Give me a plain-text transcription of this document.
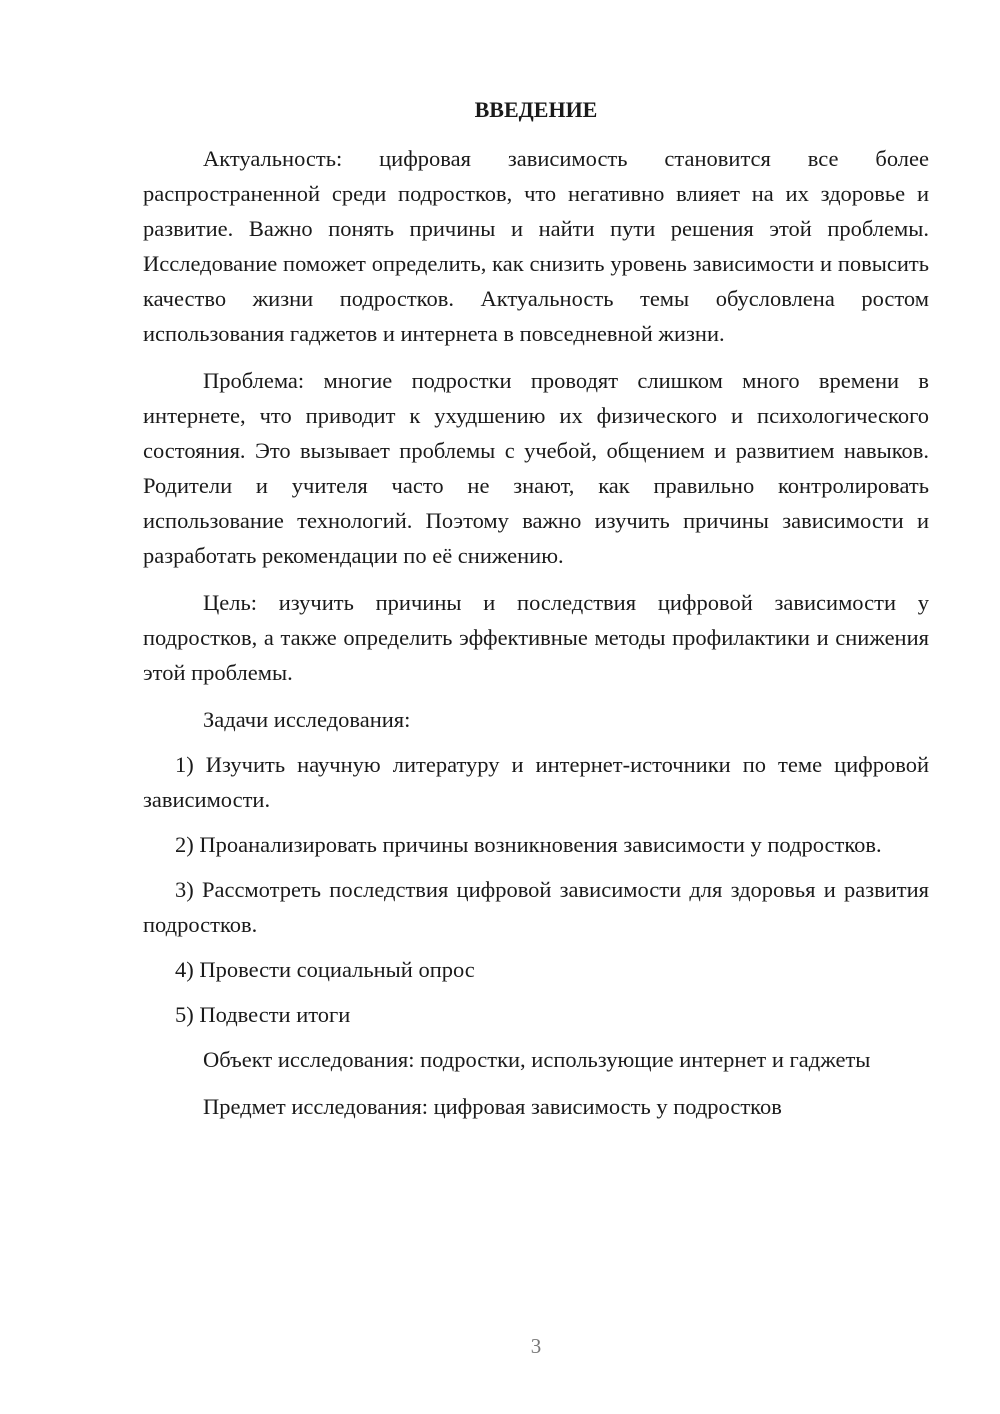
ВВЕДЕНИЕ

Актуальность: цифровая зависимость становится все более распространенной среди подростков, что негативно влияет на их здоровье и развитие. Важно понять причины и найти пути решения этой проблемы. Исследование поможет определить, как снизить уровень зависимости и повысить качество жизни подростков. Актуальность темы обусловлена ростом использования гаджетов и интернета в повседневной жизни.

Проблема: многие подростки проводят слишком много времени в интернете, что приводит к ухудшению их физического и психологического состояния. Это вызывает проблемы с учебой, общением и развитием навыков. Родители и учителя часто не знают, как правильно контролировать использование технологий. Поэтому важно изучить причины зависимости и разработать рекомендации по её снижению.

Цель: изучить причины и последствия цифровой зависимости у подростков, а также определить эффективные методы профилактики и снижения этой проблемы.

Задачи исследования:

1) Изучить научную литературу и интернет-источники по теме цифровой зависимости.

2) Проанализировать причины возникновения зависимости у подростков.

3) Рассмотреть последствия цифровой зависимости для здоровья и развития подростков.

4) Провести социальный опрос

5) Подвести итоги

Объект исследования: подростки, использующие интернет и гаджеты

Предмет исследования: цифровая зависимость у подростков

3
